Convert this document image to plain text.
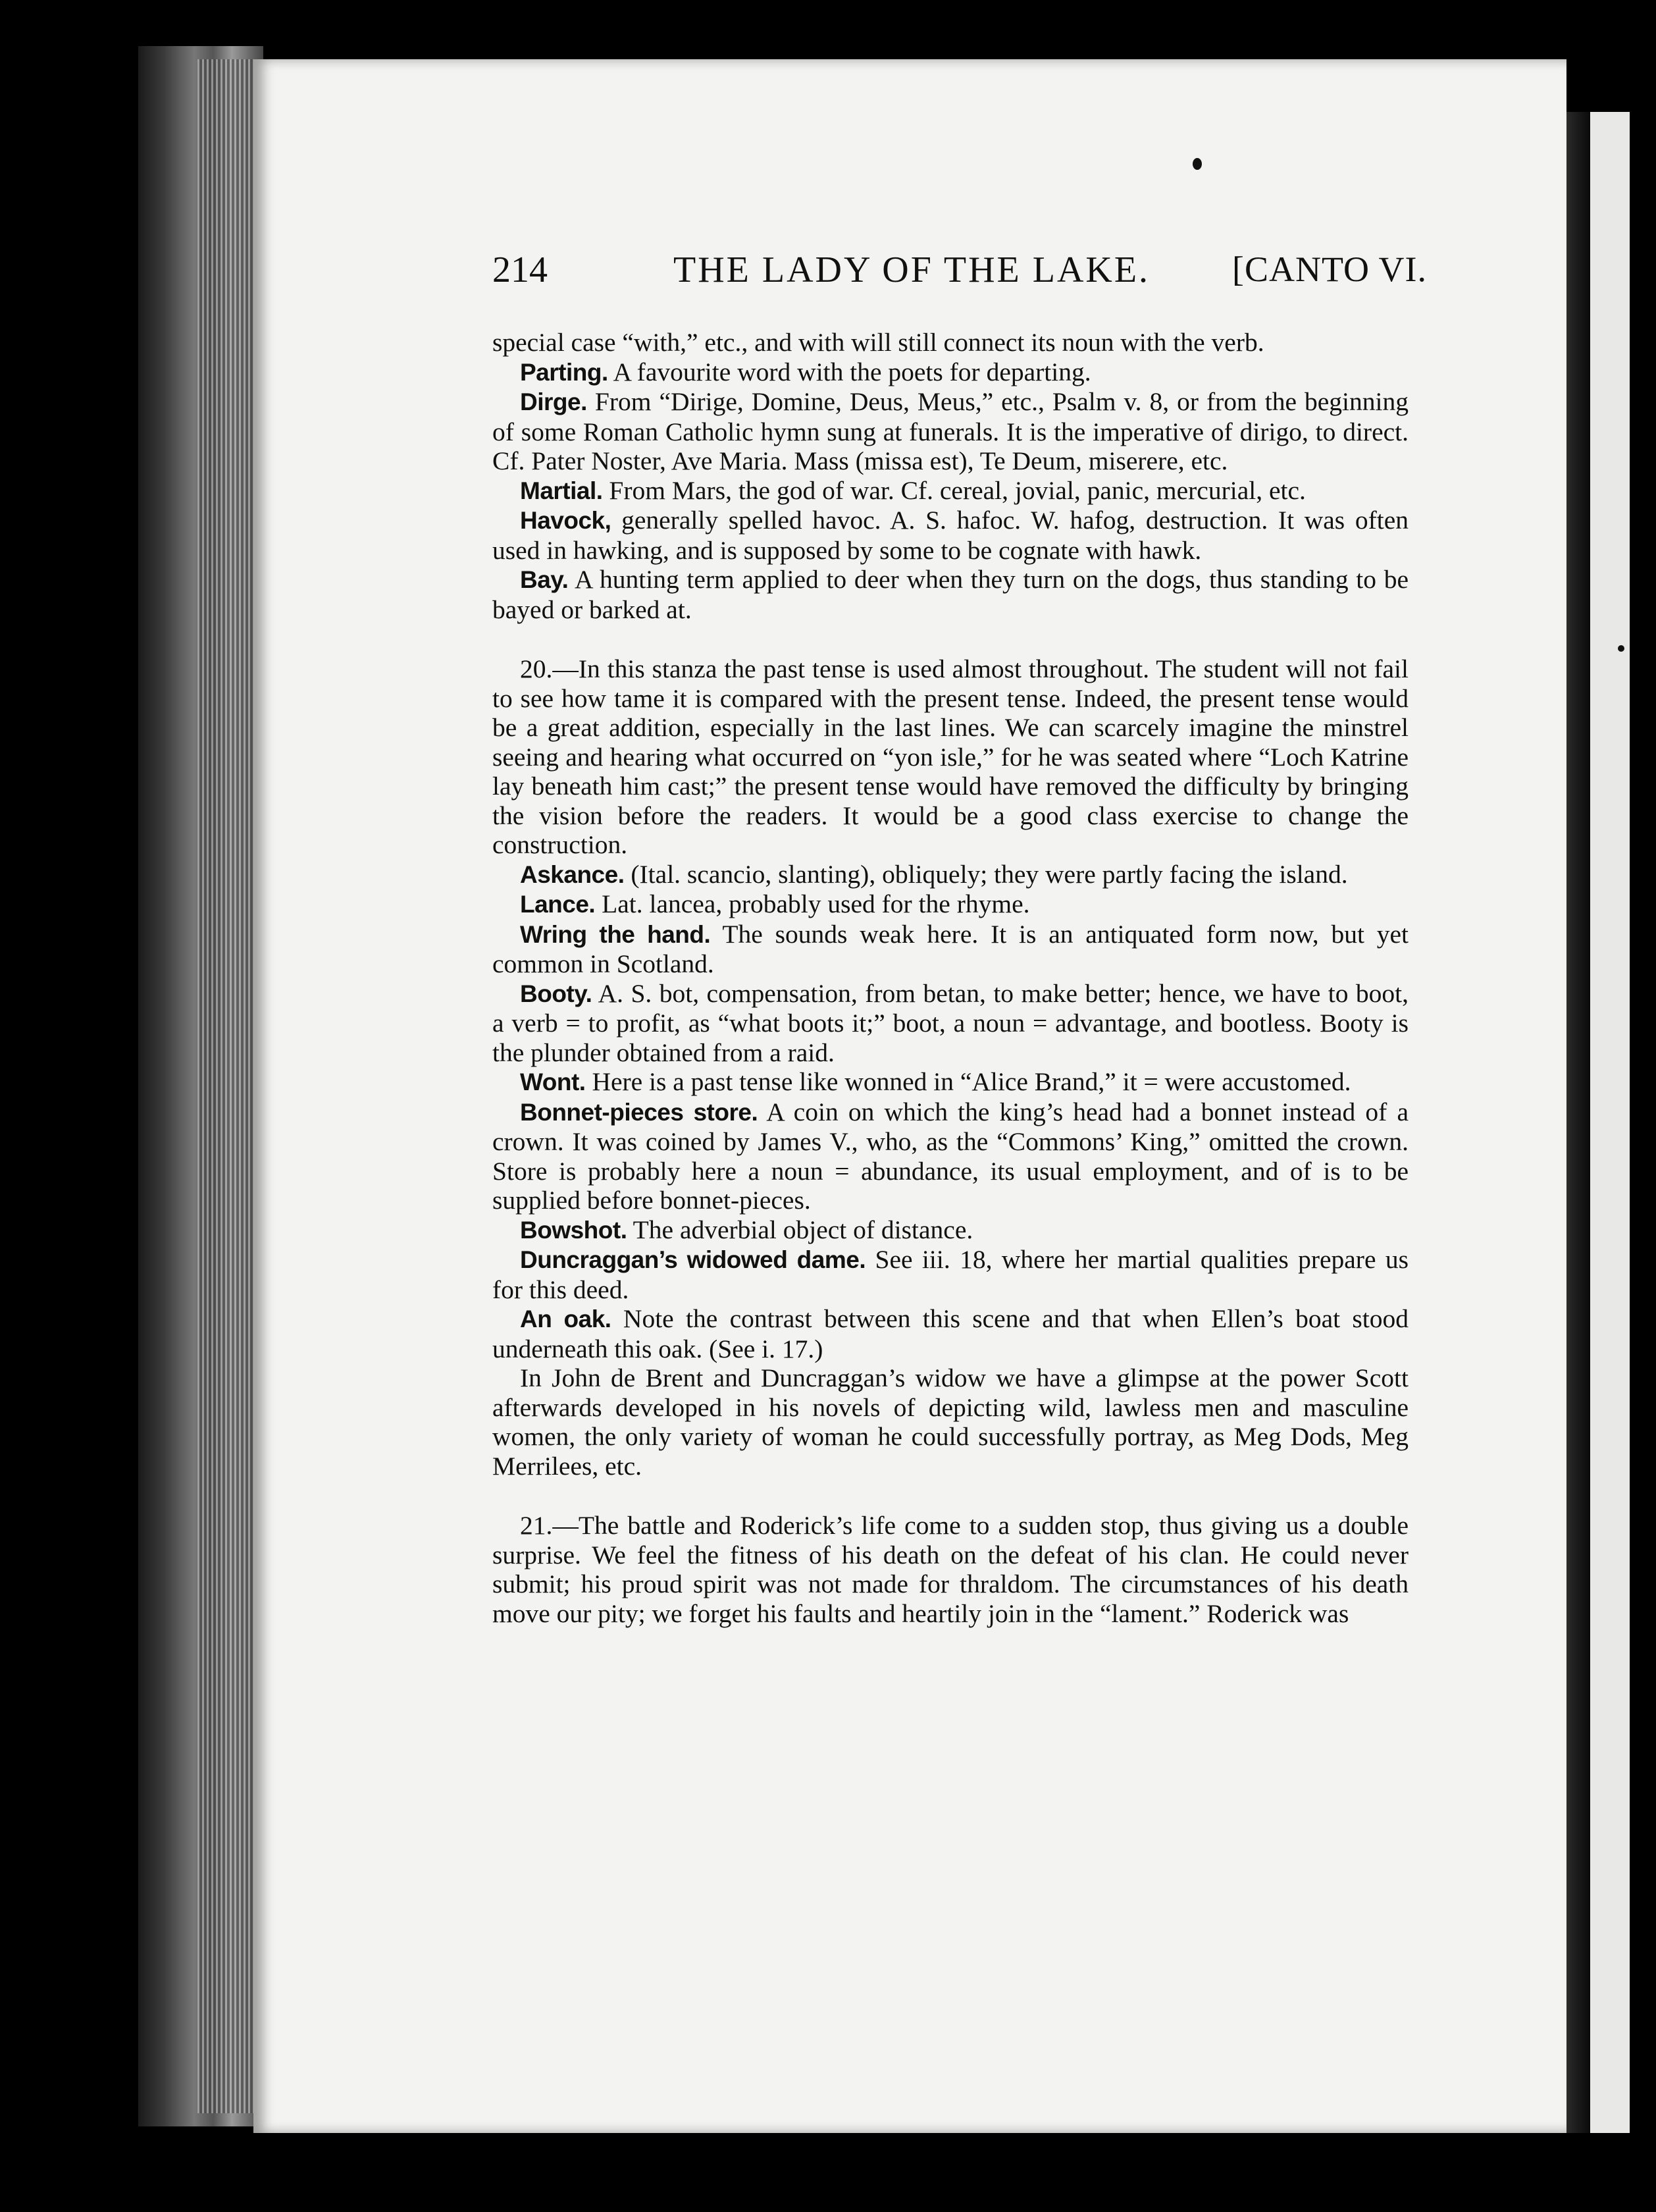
214	THE LADY OF THE LAKE. [CANTO VI.

special case “with,” etc., and with will still connect its noun with the verb.

Parting. A favourite word with the poets for departing.

Dirge. From “Dirige, Domine, Deus, Meus,” etc., Psalm v. 8, or from the beginning of some Roman Catholic hymn sung at funerals. It is the imperative of dirigo, to direct. Cf. Pater Noster, Ave Maria. Mass (missa est), Te Deum, miserere, etc.

Martial. From Mars, the god of war. Cf. cereal, jovial, panic, mercurial, etc.

Havock, generally spelled havoc. A. S. hafoc. W. hafog, destruction. It was often used in hawking, and is supposed by some to be cognate with hawk.

Bay. A hunting term applied to deer when they turn on the dogs, thus standing to be bayed or barked at.

20.—In this stanza the past tense is used almost throughout. The student will not fail to see how tame it is compared with the present tense. Indeed, the present tense would be a great addition, especially in the last lines. We can scarcely imagine the minstrel seeing and hearing what occurred on “yon isle,” for he was seated where “Loch Katrine lay beneath him cast;” the present tense would have removed the difficulty by bringing the vision before the readers. It would be a good class exercise to change the construction.

Askance. (Ital. scancio, slanting), obliquely; they were partly facing the island.

Lance. Lat. lancea, probably used for the rhyme.

Wring the hand. The sounds weak here. It is an antiquated form now, but yet common in Scotland.

Booty. A. S. bot, compensation, from betan, to make better; hence, we have to boot, a verb = to profit, as “what boots it;” boot, a noun = advantage, and bootless. Booty is the plunder obtained from a raid.

Wont. Here is a past tense like wonned in “Alice Brand,” it = were accustomed.

Bonnet-pieces store. A coin on which the king’s head had a bonnet instead of a crown. It was coined by James V., who, as the “Commons’ King,” omitted the crown. Store is probably here a noun = abundance, its usual employment, and of is to be supplied before bonnet-pieces.

Bowshot. The adverbial object of distance.

Duncraggan’s widowed dame. See iii. 18, where her martial qualities prepare us for this deed.

An oak. Note the contrast between this scene and that when Ellen’s boat stood underneath this oak. (See i. 17.)

In John de Brent and Duncraggan’s widow we have a glimpse at the power Scott afterwards developed in his novels of depicting wild, lawless men and masculine women, the only variety of woman he could successfully portray, as Meg Dods, Meg Merrilees, etc.

21.—The battle and Roderick’s life come to a sudden stop, thus giving us a double surprise. We feel the fitness of his death on the defeat of his clan. He could never submit; his proud spirit was not made for thraldom. The circumstances of his death move our pity; we forget his faults and heartily join in the “lament.” Roderick was
